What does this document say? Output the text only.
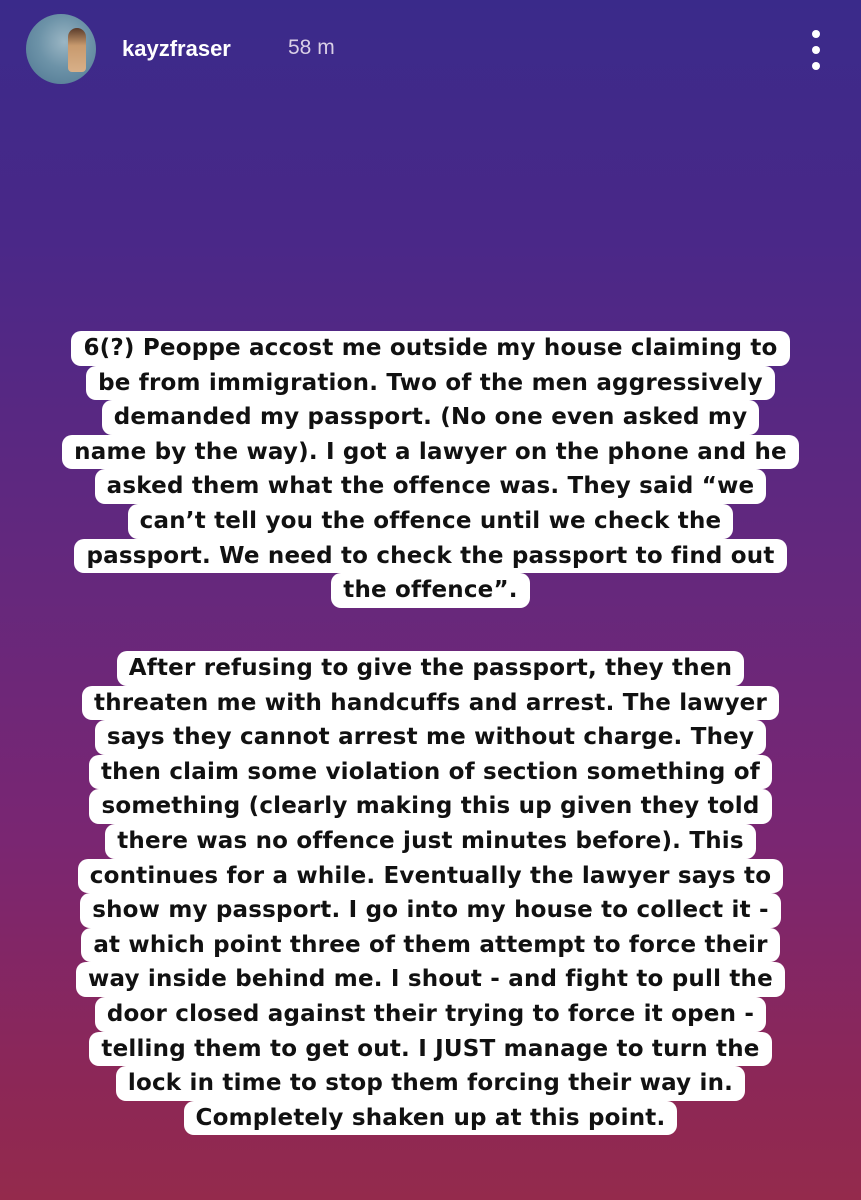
kayzfraser	58 m
6(?) Peoppe accost me outside my house claiming to
be from immigration. Two of the men aggressively
demanded my passport. (No one even asked my
name by the way). I got a lawyer on the phone and he
asked them what the offence was. They said “we
can’t tell you the offence until we check the
passport. We need to check the passport to find out
the offence”.
After refusing to give the passport, they then
threaten me with handcuffs and arrest. The lawyer
says they cannot arrest me without charge. They
then claim some violation of section something of
something (clearly making this up given they told
there was no offence just minutes before). This
continues for a while. Eventually the lawyer says to
show my passport. I go into my house to collect it -
at which point three of them attempt to force their
way inside behind me. I shout - and fight to pull the
door closed against their trying to force it open -
telling them to get out. I JUST manage to turn the
lock in time to stop them forcing their way in.
Completely shaken up at this point.
